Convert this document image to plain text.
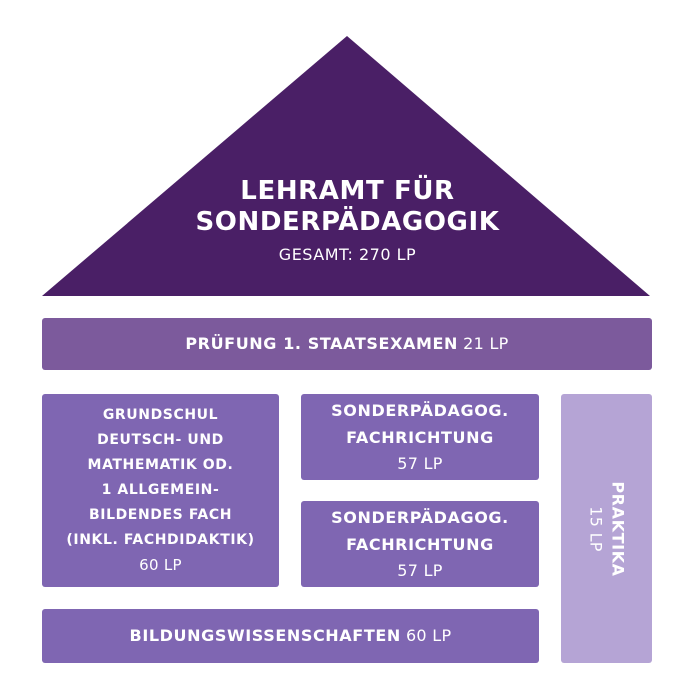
LEHRAMT FÜR
SONDERPÄDAGOGIK
GESAMT: 270 LP
PRÜFUNG 1. STAATSEXAMEN 21 LP
GRUNDSCHUL
DEUTSCH- UND
MATHEMATIK OD.
1 ALLGEMEIN-
BILDENDES FACH
(INKL. FACHDIDAKTIK)
60 LP
SONDERPÄDAGOG.
FACHRICHTUNG
57 LP
SONDERPÄDAGOG.
FACHRICHTUNG
57 LP	PRAKTIKA
15 LP
BILDUNGSWISSENSCHAFTEN 60 LP
